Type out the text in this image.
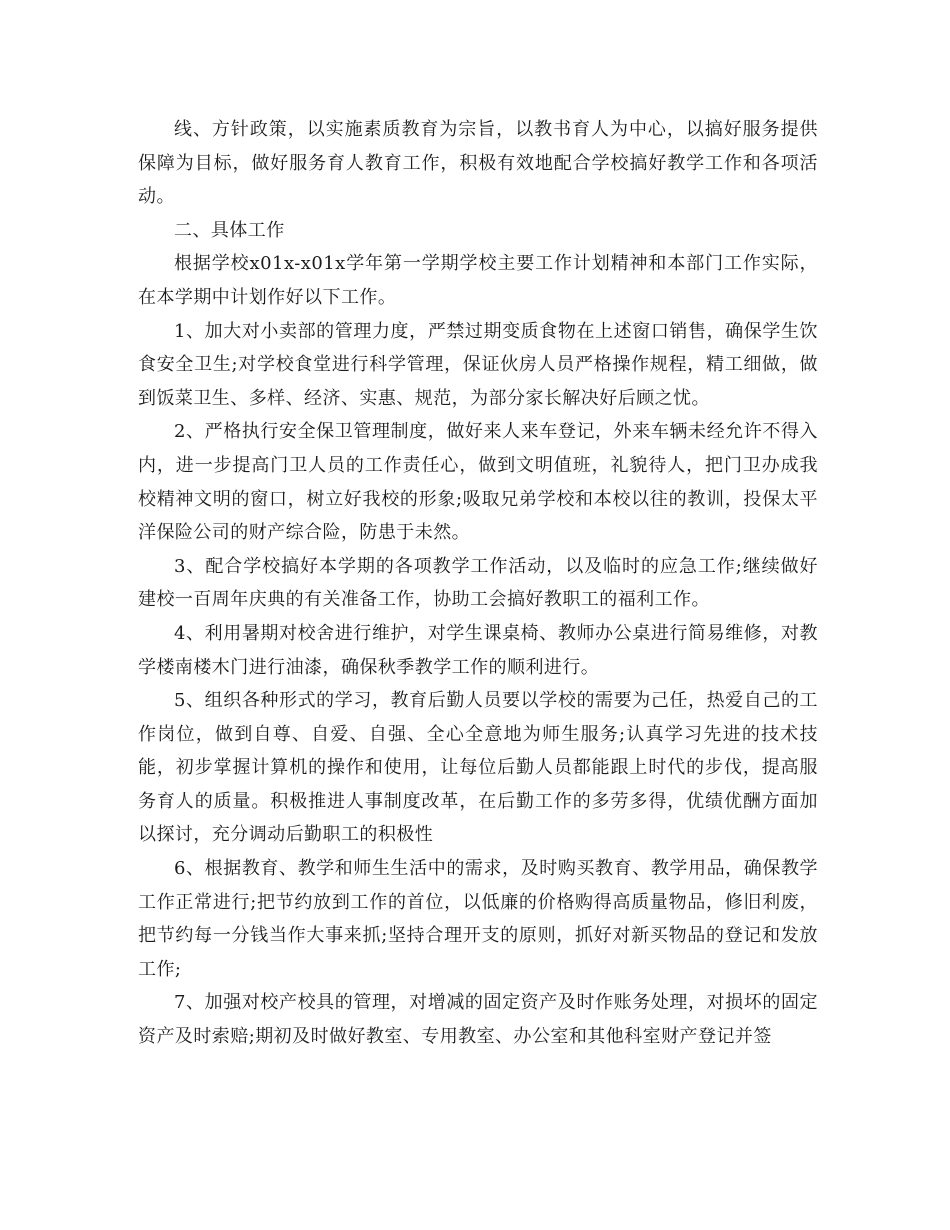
线、方针政策，以实施素质教育为宗旨，以教书育人为中心，以搞好服务提供保障为目标，做好服务育人教育工作，积极有效地配合学校搞好教学工作和各项活动。

二、具体工作

根据学校x01x-x01x学年第一学期学校主要工作计划精神和本部门工作实际，在本学期中计划作好以下工作。

1、加大对小卖部的管理力度，严禁过期变质食物在上述窗口销售，确保学生饮食安全卫生;对学校食堂进行科学管理，保证伙房人员严格操作规程，精工细做，做到饭菜卫生、多样、经济、实惠、规范，为部分家长解决好后顾之忧。

2、严格执行安全保卫管理制度，做好来人来车登记，外来车辆未经允许不得入内，进一步提高门卫人员的工作责任心，做到文明值班，礼貌待人，把门卫办成我校精神文明的窗口，树立好我校的形象;吸取兄弟学校和本校以往的教训，投保太平洋保险公司的财产综合险，防患于未然。

3、配合学校搞好本学期的各项教学工作活动，以及临时的应急工作;继续做好建校一百周年庆典的有关准备工作，协助工会搞好教职工的福利工作。

4、利用暑期对校舍进行维护，对学生课桌椅、教师办公桌进行简易维修，对教学楼南楼木门进行油漆，确保秋季教学工作的顺利进行。

5、组织各种形式的学习，教育后勤人员要以学校的需要为己任，热爱自己的工作岗位，做到自尊、自爱、自强、全心全意地为师生服务;认真学习先进的技术技能，初步掌握计算机的操作和使用，让每位后勤人员都能跟上时代的步伐，提高服务育人的质量。积极推进人事制度改革，在后勤工作的多劳多得，优绩优酬方面加以探讨，充分调动后勤职工的积极性

6、根据教育、教学和师生生活中的需求，及时购买教育、教学用品，确保教学工作正常进行;把节约放到工作的首位，以低廉的价格购得高质量物品，修旧利废，把节约每一分钱当作大事来抓;坚持合理开支的原则，抓好对新买物品的登记和发放工作;

7、加强对校产校具的管理，对增减的固定资产及时作账务处理，对损坏的固定资产及时索赔;期初及时做好教室、专用教室、办公室和其他科室财产登记并签
